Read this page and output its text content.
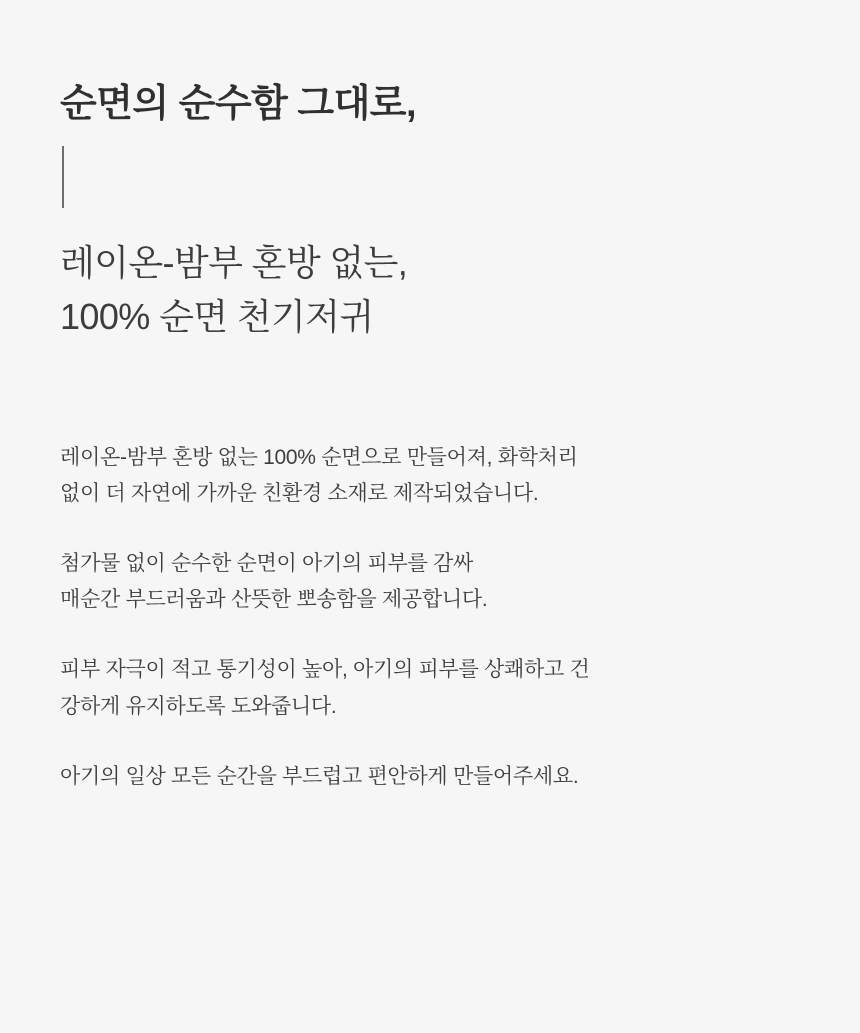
순면의 순수함 그대로,
레이온-밤부 혼방 없는,
100% 순면 천기저귀

레이온-밤부 혼방 없는 100% 순면으로 만들어져, 화학처리
없이 더 자연에 가까운 친환경 소재로 제작되었습니다.

첨가물 없이 순수한 순면이 아기의 피부를 감싸
매순간 부드러움과 산뜻한 뽀송함을 제공합니다.

피부 자극이 적고 통기성이 높아, 아기의 피부를 상쾌하고 건
강하게 유지하도록 도와줍니다.

아기의 일상 모든 순간을 부드럽고 편안하게 만들어주세요.
